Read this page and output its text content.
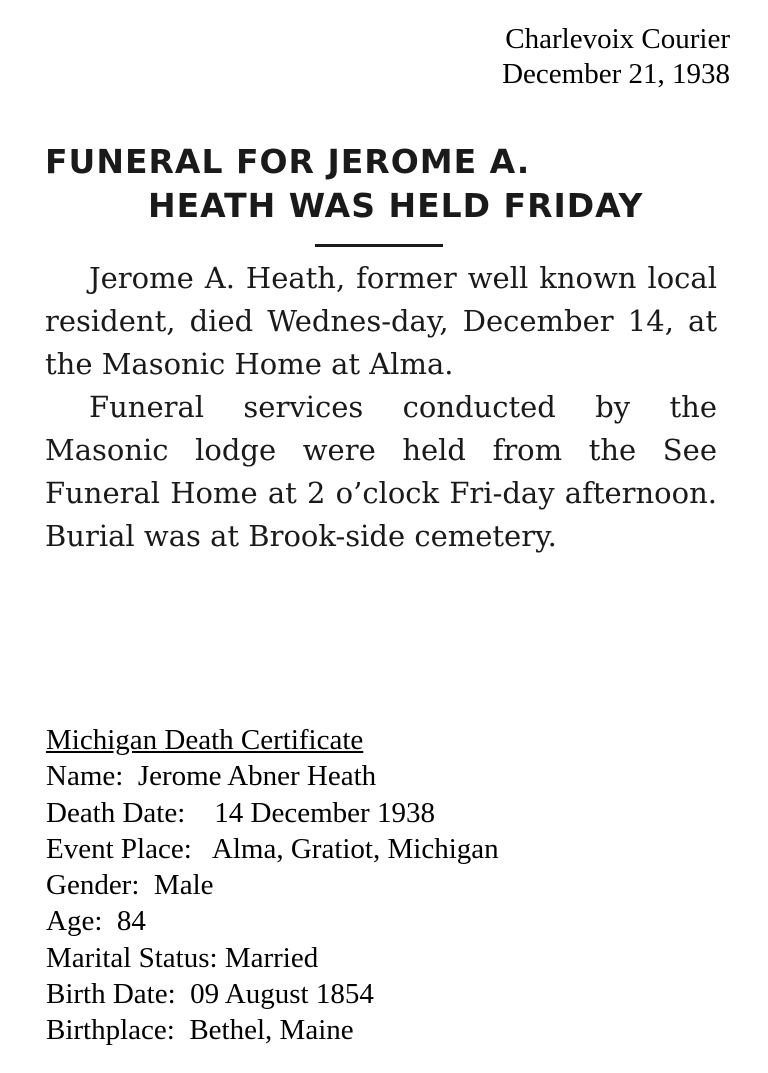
Charlevoix Courier
December 21, 1938
FUNERAL FOR JEROME A.
HEATH WAS HELD FRIDAY

Jerome A. Heath, former well known local resident, died Wednes-day, December 14, at the Masonic Home at Alma.

Funeral services conducted by the Masonic lodge were held from the See Funeral Home at 2 o’clock Fri-day afternoon. Burial was at Brook-side cemetery.

Michigan Death Certificate
Name: Jerome Abner Heath
Death Date: 14 December 1938
Event Place: Alma, Gratiot, Michigan
Gender: Male
Age: 84
Marital Status: Married
Birth Date: 09 August 1854
Birthplace: Bethel, Maine
